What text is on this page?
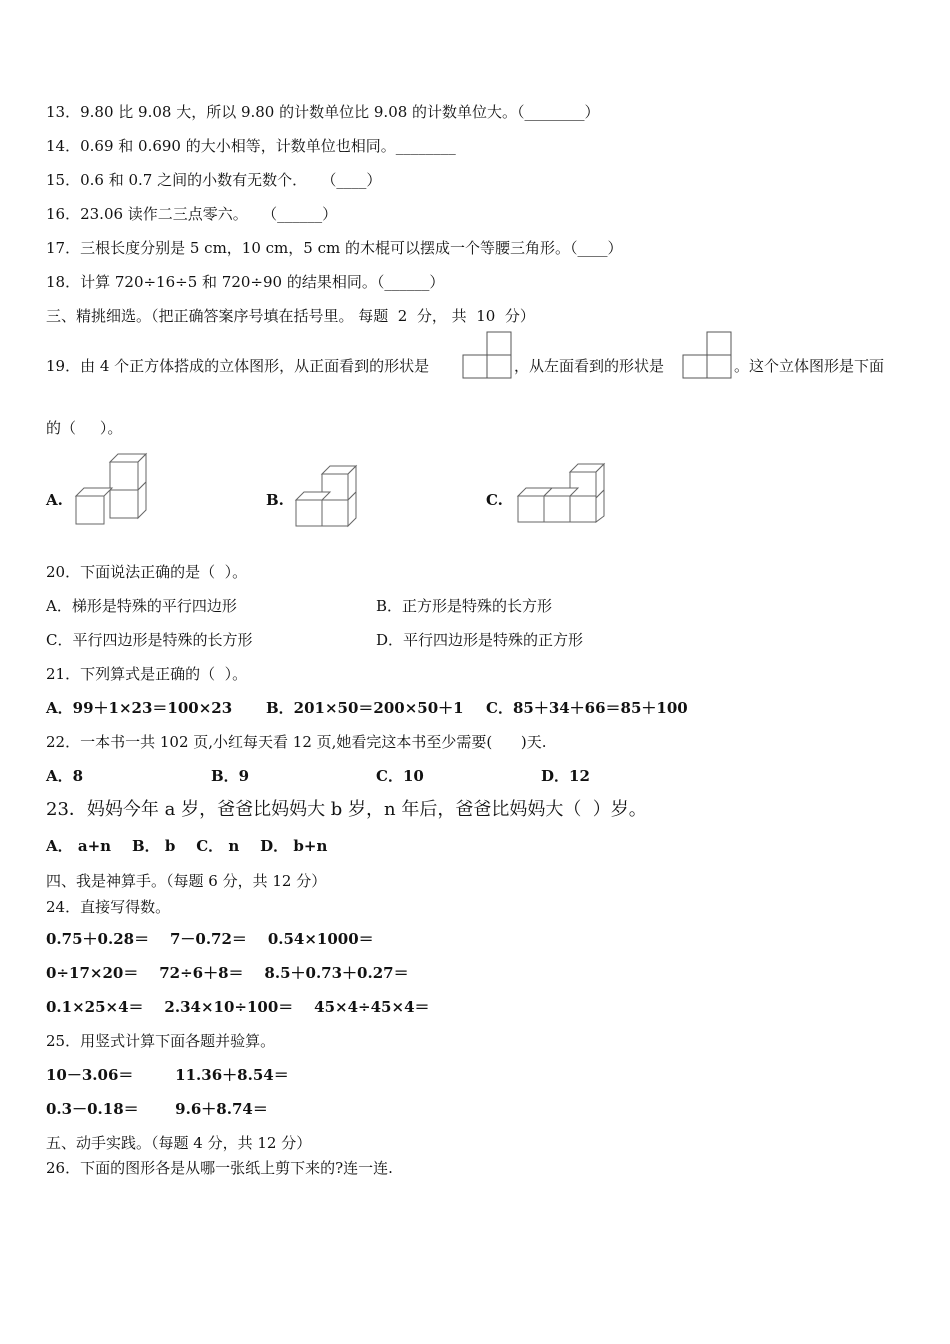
13．9.80 比 9.08 大，所以 9.80 的计数单位比 9.08 的计数单位大。（________）
14．0.69 和 0.690 的大小相等，计数单位也相同。________
15．0.6 和 0.7 之间的小数有无数个．   （____）
16．23.06 读作二三点零六。   （______）
17．三根长度分别是 5 cm，10 cm，5 cm 的木棍可以摆成一个等腰三角形。（____）
18．计算 720÷16÷5 和 720÷90 的结果相同。（______）
三、精挑细选。（把正确答案序号填在括号里。 每题  2  分， 共  10  分）
19．由 4 个正方体搭成的立体图形，从正面看到的形状是	，从左面看到的形状是	。这个立体图形是下面
的（     ）。
A.	B.	C.
20．下面说法正确的是（  ）。
A．梯形是特殊的平行四边形	B．正方形是特殊的长方形
C．平行四边形是特殊的长方形	D．平行四边形是特殊的正方形
21．下列算式是正确的（  ）。
A．99＋1×23＝100×23 B．201×50＝200×50＋1 C．85＋34＋66＝85＋100
22．一本书一共 102 页,小红每天看 12 页,她看完这本书至少需要(      )天.
A．8	B．9	C．10	D．12
23．妈妈今年 a 岁，爸爸比妈妈大 b 岁，n 年后，爸爸比妈妈大（  ）岁。
A． a+n    B． b    C． n    D． b+n
四、我是神算手。（每题 6 分，共 12 分）
24．直接写得数。
0.75＋0.28＝    7－0.72＝    0.54×1000＝
0÷17×20＝    72÷6＋8＝    8.5＋0.73＋0.27＝
0.1×25×4＝    2.34×10÷100＝    45×4÷45×4＝
25．用竖式计算下面各题并验算。
10－3.06＝        11.36＋8.54＝
0.3－0.18＝       9.6＋8.74＝
五、动手实践。（每题 4 分，共 12 分）
26．下面的图形各是从哪一张纸上剪下来的?连一连.
